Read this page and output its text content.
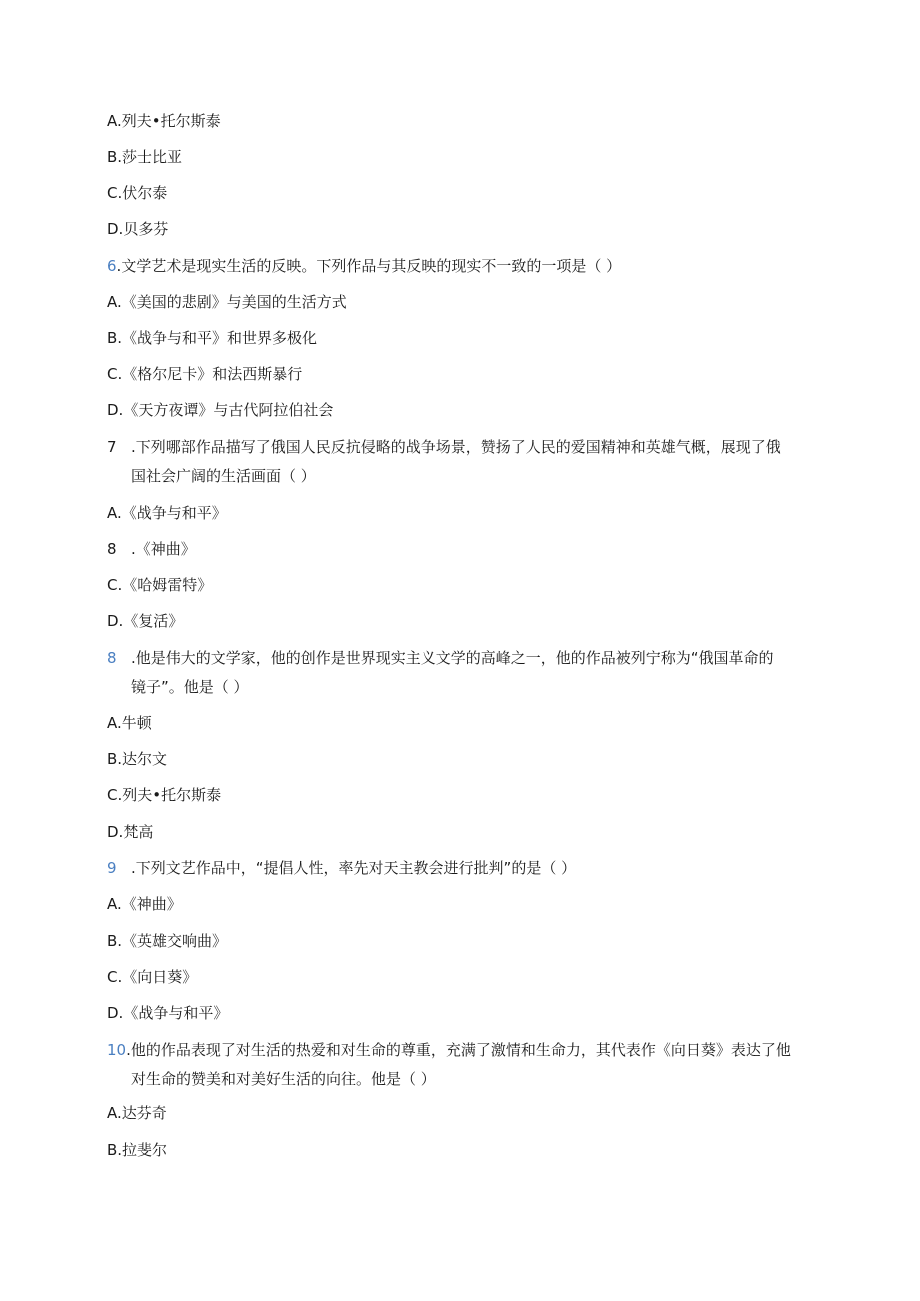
A.列夫•托尔斯泰
B.莎士比亚
C.伏尔泰
D.贝多芬
6.文学艺术是现实生活的反映。下列作品与其反映的现实不一致的一项是（ ）
A.《美国的悲剧》与美国的生活方式
B.《战争与和平》和世界多极化
C.《格尔尼卡》和法西斯暴行
D.《天方夜谭》与古代阿拉伯社会
7 .下列哪部作品描写了俄国人民反抗侵略的战争场景，赞扬了人民的爱国精神和英雄气概，展现了俄
国社会广阔的生活画面（ ）
A.《战争与和平》
8 .《神曲》
C.《哈姆雷特》
D.《复活》
8 .他是伟大的文学家，他的创作是世界现实主义文学的高峰之一，他的作品被列宁称为“俄国革命的
镜子”。他是（ ）
A.牛顿
B.达尔文
C.列夫•托尔斯泰
D.梵高
9 .下列文艺作品中，“提倡人性，率先对天主教会进行批判”的是（ ）
A.《神曲》
B.《英雄交响曲》
C.《向日葵》
D.《战争与和平》
10.他的作品表现了对生活的热爱和对生命的尊重，充满了激情和生命力，其代表作《向日葵》表达了他
对生命的赞美和对美好生活的向往。他是（ ）
A.达芬奇
B.拉斐尔
